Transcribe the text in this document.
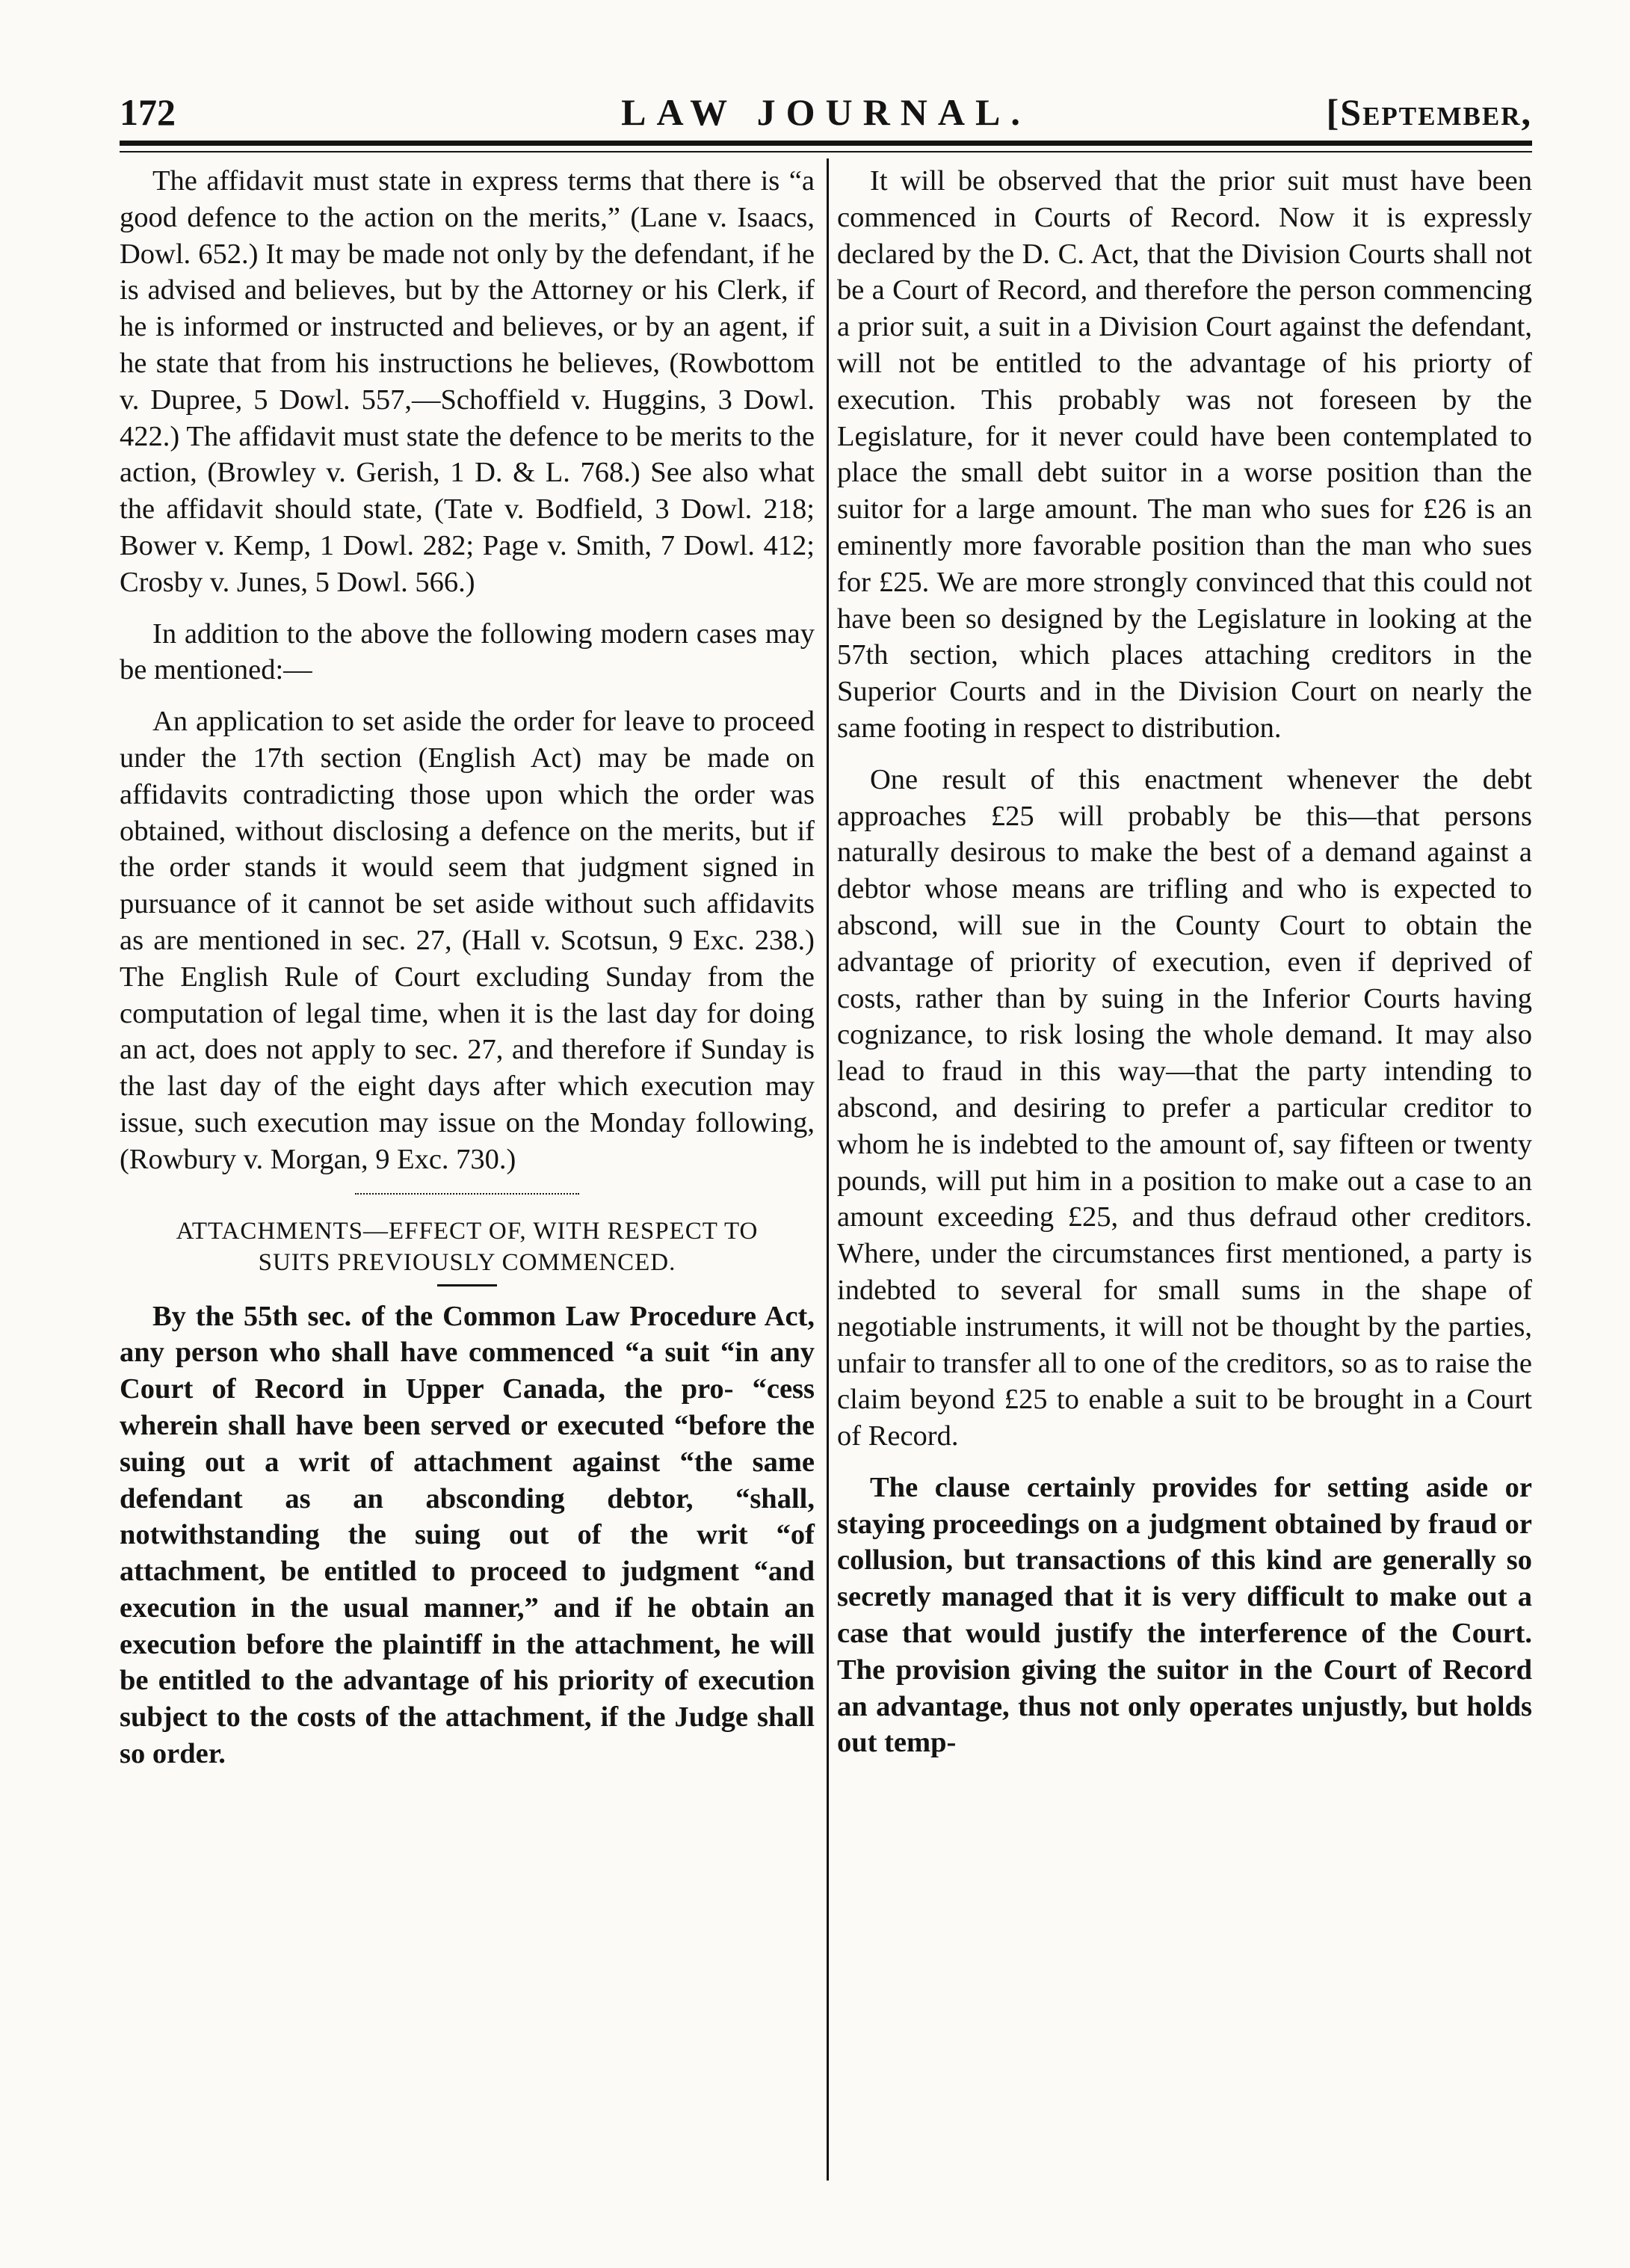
172	LAW JOURNAL.	[September,

The affidavit must state in express terms that there is “a good defence to the action on the merits,” (Lane v. Isaacs, Dowl. 652.) It may be made not only by the defendant, if he is advised and believes, but by the Attorney or his Clerk, if he is informed or instructed and believes, or by an agent, if he state that from his instructions he believes, (Rowbottom v. Dupree, 5 Dowl. 557,—Schoffield v. Huggins, 3 Dowl. 422.) The affidavit must state the defence to be merits to the action, (Browley v. Gerish, 1 D. & L. 768.) See also what the affidavit should state, (Tate v. Bodfield, 3 Dowl. 218; Bower v. Kemp, 1 Dowl. 282; Page v. Smith, 7 Dowl. 412; Crosby v. Junes, 5 Dowl. 566.)

In addition to the above the following modern cases may be mentioned:—

An application to set aside the order for leave to proceed under the 17th section (English Act) may be made on affidavits contradicting those upon which the order was obtained, without disclosing a defence on the merits, but if the order stands it would seem that judgment signed in pursuance of it cannot be set aside without such affidavits as are mentioned in sec. 27, (Hall v. Scotsun, 9 Exc. 238.) The English Rule of Court excluding Sunday from the computation of legal time, when it is the last day for doing an act, does not apply to sec. 27, and therefore if Sunday is the last day of the eight days after which execution may issue, such execution may issue on the Monday following, (Rowbury v. Morgan, 9 Exc. 730.)

ATTACHMENTS—EFFECT OF, WITH RESPECT TO
SUITS PREVIOUSLY COMMENCED.

By the 55th sec. of the Common Law Procedure Act, any person who shall have commenced “a suit “in any Court of Record in Upper Canada, the pro- “cess wherein shall have been served or executed “before the suing out a writ of attachment against “the same defendant as an absconding debtor, “shall, notwithstanding the suing out of the writ “of attachment, be entitled to proceed to judgment “and execution in the usual manner,” and if he obtain an execution before the plaintiff in the attachment, he will be entitled to the advantage of his priority of execution subject to the costs of the attachment, if the Judge shall so order.

It will be observed that the prior suit must have been commenced in Courts of Record. Now it is expressly declared by the D. C. Act, that the Division Courts shall not be a Court of Record, and therefore the person commencing a prior suit, a suit in a Division Court against the defendant, will not be entitled to the advantage of his priorty of execution. This probably was not foreseen by the Legislature, for it never could have been contemplated to place the small debt suitor in a worse position than the suitor for a large amount. The man who sues for £26 is an eminently more favorable position than the man who sues for £25. We are more strongly convinced that this could not have been so designed by the Legislature in looking at the 57th section, which places attaching creditors in the Superior Courts and in the Division Court on nearly the same footing in respect to distribution.

One result of this enactment whenever the debt approaches £25 will probably be this—that persons naturally desirous to make the best of a demand against a debtor whose means are trifling and who is expected to abscond, will sue in the County Court to obtain the advantage of priority of execution, even if deprived of costs, rather than by suing in the Inferior Courts having cognizance, to risk losing the whole demand. It may also lead to fraud in this way—that the party intending to abscond, and desiring to prefer a particular creditor to whom he is indebted to the amount of, say fifteen or twenty pounds, will put him in a position to make out a case to an amount exceeding £25, and thus defraud other creditors. Where, under the circumstances first mentioned, a party is indebted to several for small sums in the shape of negotiable instruments, it will not be thought by the parties, unfair to transfer all to one of the creditors, so as to raise the claim beyond £25 to enable a suit to be brought in a Court of Record.

The clause certainly provides for setting aside or staying proceedings on a judgment obtained by fraud or collusion, but transactions of this kind are generally so secretly managed that it is very difficult to make out a case that would justify the interference of the Court. The provision giving the suitor in the Court of Record an advantage, thus not only operates unjustly, but holds out temp-
